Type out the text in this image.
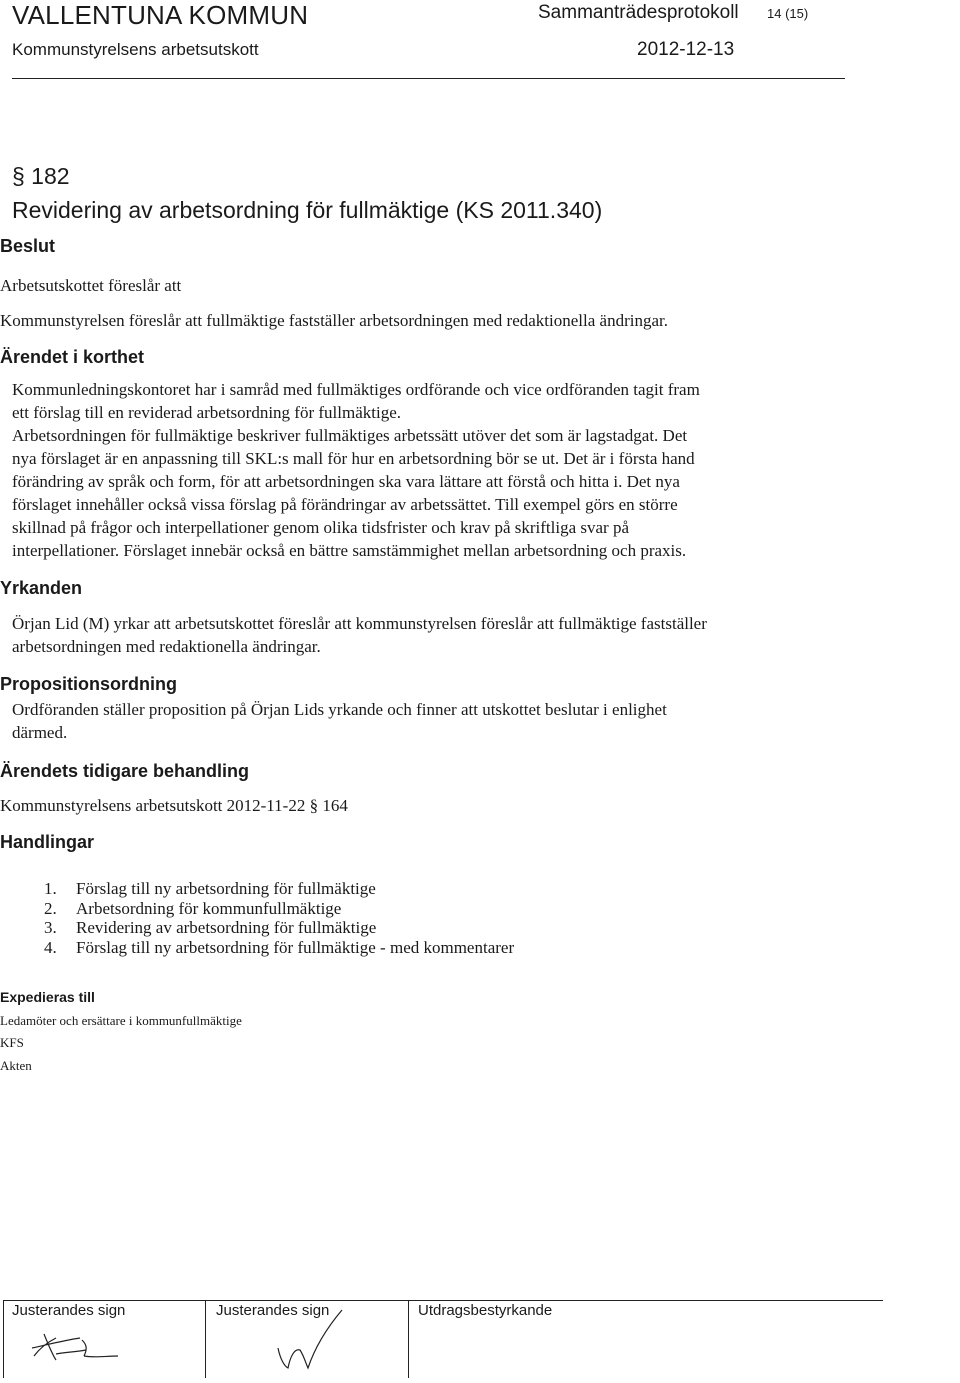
VALLENTUNA KOMMUN	Sammanträdesprotokoll 14 (15)
Kommunstyrelsens arbetsutskott	2012-12-13
§ 182
Revidering av arbetsordning för fullmäktige (KS 2011.340)
Beslut
Arbetsutskottet föreslår att
Kommunstyrelsen föreslår att fullmäktige fastställer arbetsordningen med redaktionella ändringar.
Ärendet i korthet
Kommunledningskontoret har i samråd med fullmäktiges ordförande och vice ordföranden tagit fram
ett förslag till en reviderad arbetsordning för fullmäktige.
Arbetsordningen för fullmäktige beskriver fullmäktiges arbetssätt utöver det som är lagstadgat. Det
nya förslaget är en anpassning till SKL:s mall för hur en arbetsordning bör se ut. Det är i första hand
förändring av språk och form, för att arbetsordningen ska vara lättare att förstå och hitta i. Det nya
förslaget innehåller också vissa förslag på förändringar av arbetssättet. Till exempel görs en större
skillnad på frågor och interpellationer genom olika tidsfrister och krav på skriftliga svar på
interpellationer. Förslaget innebär också en bättre samstämmighet mellan arbetsordning och praxis.
Yrkanden
Örjan Lid (M) yrkar att arbetsutskottet föreslår att kommunstyrelsen föreslår att fullmäktige fastställer
arbetsordningen med redaktionella ändringar.
Propositionsordning
Ordföranden ställer proposition på Örjan Lids yrkande och finner att utskottet beslutar i enlighet
därmed.
Ärendets tidigare behandling
Kommunstyrelsens arbetsutskott 2012-11-22 § 164
Handlingar
1. Förslag till ny arbetsordning för fullmäktige
2. Arbetsordning för kommunfullmäktige
3. Revidering av arbetsordning för fullmäktige
4. Förslag till ny arbetsordning för fullmäktige - med kommentarer
Expedieras till
Ledamöter och ersättare i kommunfullmäktige
KFS
Akten
Justerandes sign	Justerandes sign	Utdragsbestyrkande
